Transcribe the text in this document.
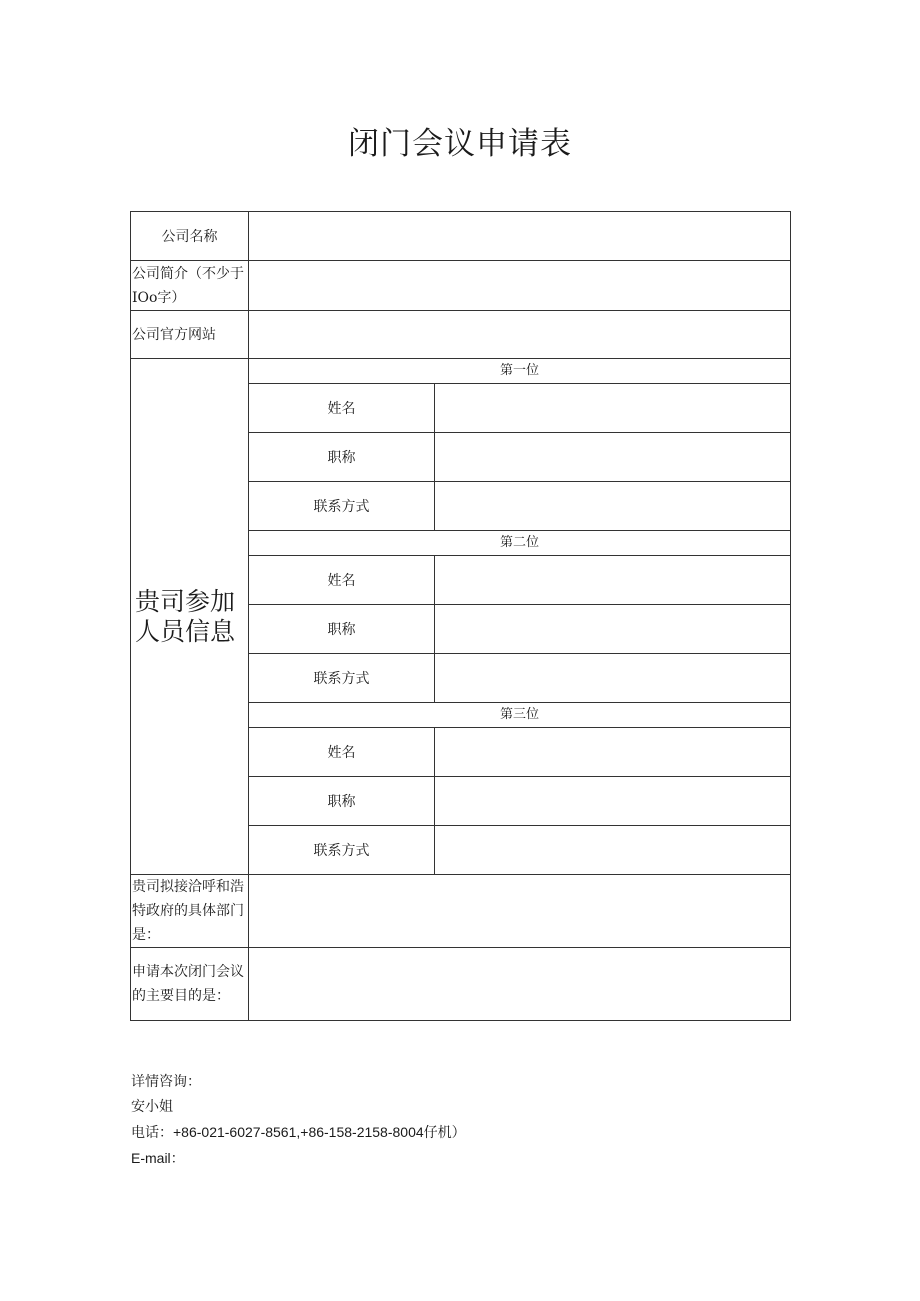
闭门会议申请表
公司名称		
公司简介（不少于IOo字）		
公司官方网站		
贵司参加人员信息	第一位	
	姓名	
	职称	
	联系方式	
	第二位	
	姓名	
	职称	
	联系方式	
	第三位	
	姓名	
	职称	
	联系方式	
贵司拟接洽呼和浩特政府的具体部门是：		
申请本次闭门会议的主要目的是：		
详情咨询：
安小姐
电话：+86-021-6027-8561,+86-158-2158-8004仔机）
E-mail：
